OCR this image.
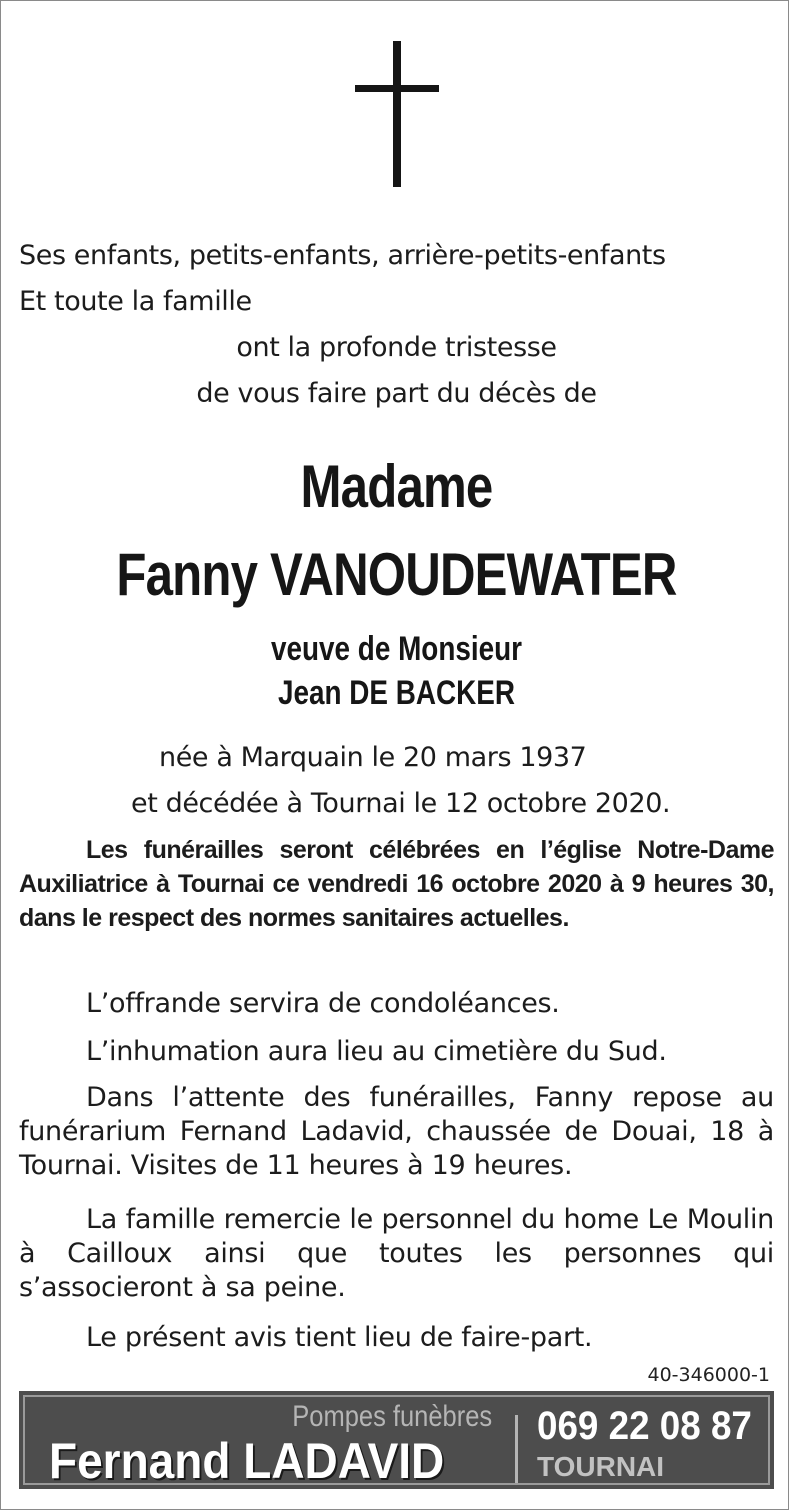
Ses enfants, petits-enfants, arrière-petits-enfants
Et toute la famille
ont la profonde tristesse
de vous faire part du décès de
Madame
Fanny VANOUDEWATER
veuve de Monsieur
Jean DE BACKER
née à Marquain le 20 mars 1937
et décédée à Tournai le 12 octobre 2020.
Les funérailles seront célébrées en l’église Notre-Dame Auxiliatrice à Tournai ce vendredi 16 octobre 2020 à 9 heures 30, dans le respect des normes sanitaires actuelles.
L’offrande servira de condoléances.
L’inhumation aura lieu au cimetière du Sud.
Dans l’attente des funérailles, Fanny repose au funérarium Fernand Ladavid, chaussée de Douai, 18 à Tournai. Visites de 11 heures à 19 heures.
La famille remercie le personnel du home Le Moulin à Cailloux ainsi que toutes les personnes qui s’associeront à sa peine.
Le présent avis tient lieu de faire-part.
40-346000-1
Pompes funèbres
Fernand LADAVID
069 22 08 87
TOURNAI
